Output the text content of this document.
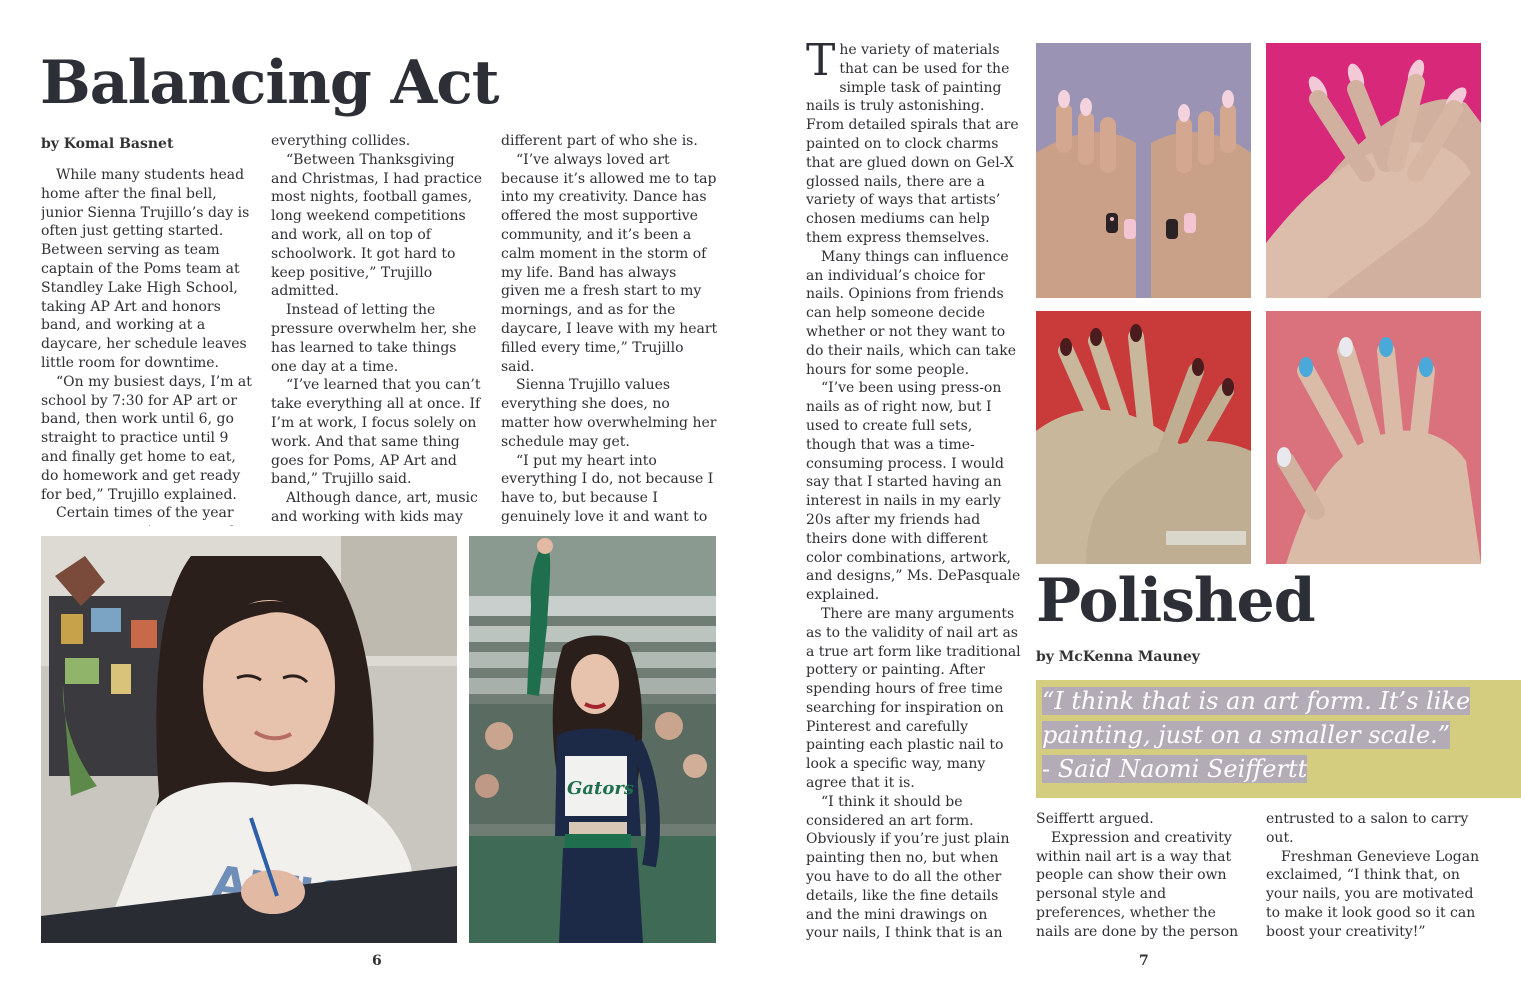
Balancing Act
by Komal Basnet

While many students head home after the final bell, junior Sienna Trujillo’s day is often just getting started. Between serving as team captain of the Poms team at Standley Lake High School, taking AP Art and honors band, and working at a daycare, her schedule leaves little room for downtime.

“On my busiest days, I’m at school by 7:30 for AP art or band, then work until 6, go straight to practice until 9 and finally get home to eat, do homework and get ready for bed,” Trujillo explained.

Certain times of the year

everything collides.

“Between Thanksgiving and Christmas, I had practice most nights, football games, long weekend competitions and work, all on top of schoolwork. It got hard to keep positive,” Trujillo admitted.

Instead of letting the pressure overwhelm her, she has learned to take things one day at a time.

“I’ve learned that you can’t take everything all at once. If I’m at work, I focus solely on work. And that same thing goes for Poms, AP Art and band,” Trujillo said.

Although dance, art, music and working with kids may

different part of who she is.

“I’ve always loved art because it’s allowed me to tap into my creativity. Dance has offered the most supportive community, and it’s been a calm moment in the storm of my life. Band has always given me a fresh start to my mornings, and as for the daycare, I leave with my heart filled every time,” Trujillo said.

Sienna Trujillo values everything she does, no matter how overwhelming her schedule may get.

“I put my heart into everything I do, not because I have to, but because I genuinely love it and want to

Gators
6

The variety of materials that can be used for the simple task of painting nails is truly astonishing. From detailed spirals that are painted on to clock charms that are glued down on Gel-X glossed nails, there are a variety of ways that artists’ chosen mediums can help them express themselves.

Many things can influence an individual’s choice for nails. Opinions from friends can help someone decide whether or not they want to do their nails, which can take hours for some people.

“I’ve been using press-on nails as of right now, but I used to create full sets, though that was a time-consuming process. I would say that I started having an interest in nails in my early 20s after my friends had theirs done with different color combinations, artwork, and designs,” Ms. DePasquale explained.

There are many arguments as to the validity of nail art as a true art form like traditional pottery or painting. After spending hours of free time searching for inspiration on Pinterest and carefully painting each plastic nail to look a specific way, many agree that it is.

“I think it should be considered an art form. Obviously if you’re just plain painting then no, but when you have to do all the other details, like the fine details and the mini drawings on your nails, I think that is an

Polished
by McKenna Mauney
“I think that is an art form. It’s like
painting, just on a smaller scale.”
- Said Naomi Seiffertt

Seiffertt argued.

Expression and creativity within nail art is a way that people can show their own personal style and preferences, whether the nails are done by the person

entrusted to a salon to carry out.

Freshman Genevieve Logan exclaimed, “I think that, on your nails, you are motivated to make it look good so it can boost your creativity!”

7
